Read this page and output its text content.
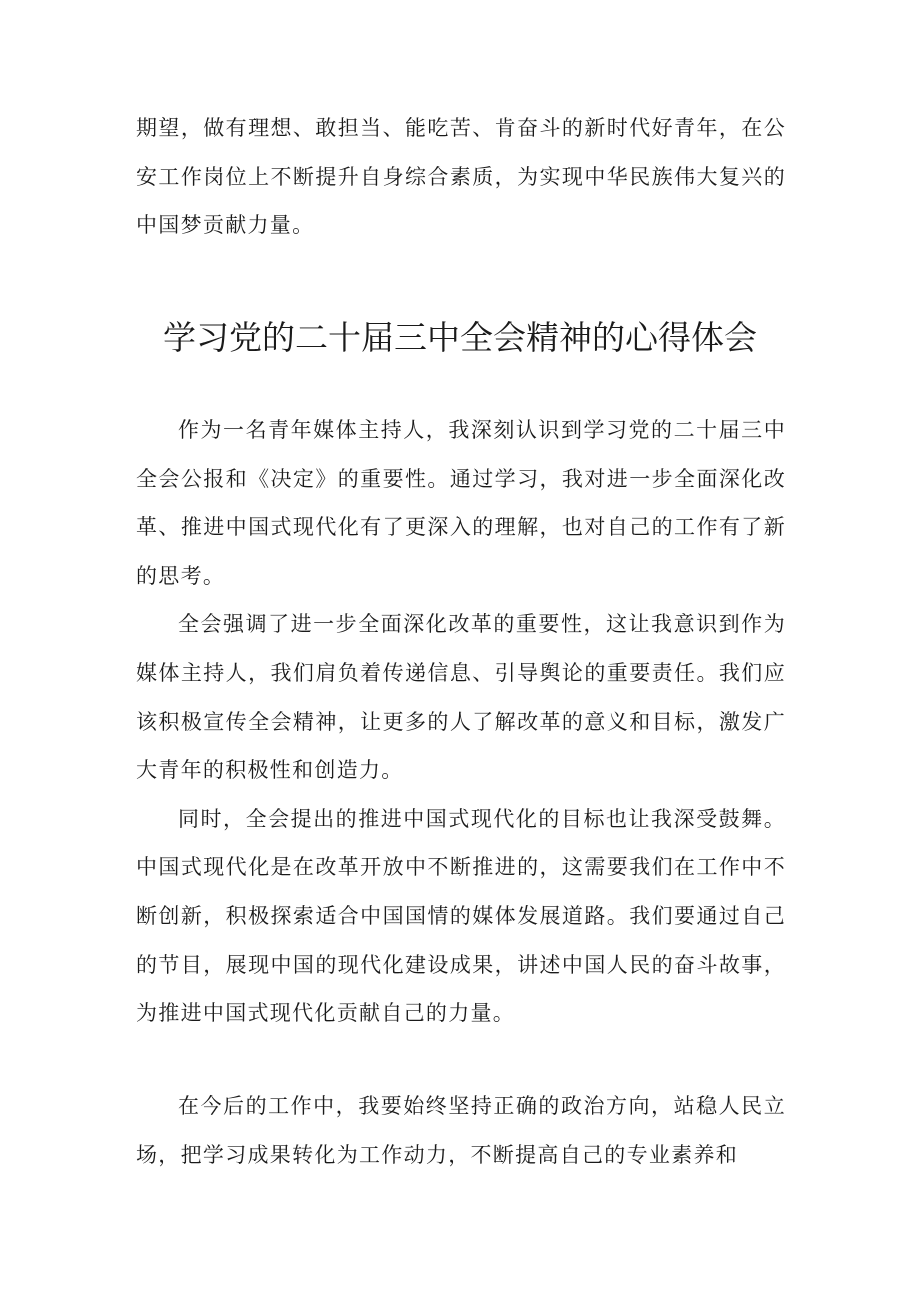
期望，做有理想、敢担当、能吃苦、肯奋斗的新时代好青年，在公安工作岗位上不断提升自身综合素质，为实现中华民族伟大复兴的中国梦贡献力量。

学习党的二十届三中全会精神的心得体会

作为一名青年媒体主持人，我深刻认识到学习党的二十届三中全会公报和《决定》的重要性。通过学习，我对进一步全面深化改革、推进中国式现代化有了更深入的理解，也对自己的工作有了新的思考。

全会强调了进一步全面深化改革的重要性，这让我意识到作为媒体主持人，我们肩负着传递信息、引导舆论的重要责任。我们应该积极宣传全会精神，让更多的人了解改革的意义和目标，激发广大青年的积极性和创造力。

同时，全会提出的推进中国式现代化的目标也让我深受鼓舞。中国式现代化是在改革开放中不断推进的，这需要我们在工作中不断创新，积极探索适合中国国情的媒体发展道路。我们要通过自己的节目，展现中国的现代化建设成果，讲述中国人民的奋斗故事，为推进中国式现代化贡献自己的力量。

在今后的工作中，我要始终坚持正确的政治方向，站稳人民立场，把学习成果转化为工作动力，不断提高自己的专业素养和
